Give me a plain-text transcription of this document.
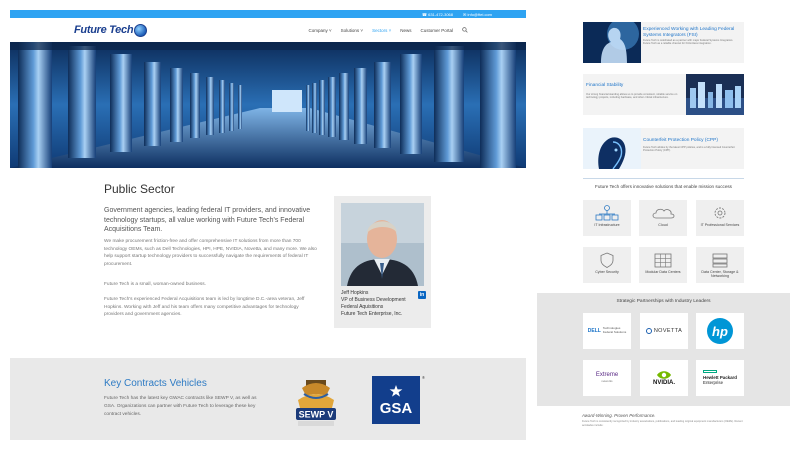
☎ 631-472-3068	✉ info@ftei.com
Future Tech	Company ˅ Solutions ˅ Sectors ˅ News Customer Portal
Public Sector
Government agencies, leading federal IT providers, and innovative technology startups, all value working with Future Tech's Federal Acquisitions Team.
We make procurement friction-free and offer comprehensive IT solutions from more than 700 technology OEMs, such as Dell Technologies, HPI, HPE, NVIDIA, Novetta, and many more. We also help support startup technology providers to successfully navigate the requirements of federal IT procurement.
Future Tech is a small, woman-owned business.
Future Tech's experienced Federal Acquisitions team is led by longtime D.C.-area veteran, Jeff Hopkins. Working with Jeff and his team offers many competitive advantages for technology providers and government agencies.
Jeff Hopkins
VP of Business Development
Federal Aquisitions
Future Tech Enterprise, Inc.
in
Key Contracts Vehicles
Future Tech has the latest key GWAC contracts like SEWP V, as well as GSA. Organizations can partner with Future Tech to leverage these key contract vehicles.	SEWP V	GSA
®
Experienced Working with Leading Federal Systems Integrators (FSI)
Future Tech is celebrated as a partner with major Federal Systems Integrators. Future Tech as a reliable channel for frictionless integration.
Financial Stability
Our strong financial standing allows us to provide consistent, reliable service on technology projects, including hardware, and other critical infrastructure.
Counterfeit Protection Policy (CPP)
Future Tech abides by the latest CPP policies, and is a fully licensed Counterfeit Protection Policy (CPP).
Future Tech offers innovative solutions that enable mission success
IT Infrastructure	Cloud	IT Professional Services
Cyber Security	Modular Data Centers	Data Center, Storage & Networking
Strategic Partnerships with Industry Leaders
DELL Technologies
Federal Solutions	NOVETTA	hp
Extreme
networks	NVIDIA.
Hewlett Packard
Enterprise
Award-Winning. Proven Performance.
Future Tech is consistently recognized by industry associations, publications, and leading original equipment manufacturers (OEMs). Recent accolades include:
